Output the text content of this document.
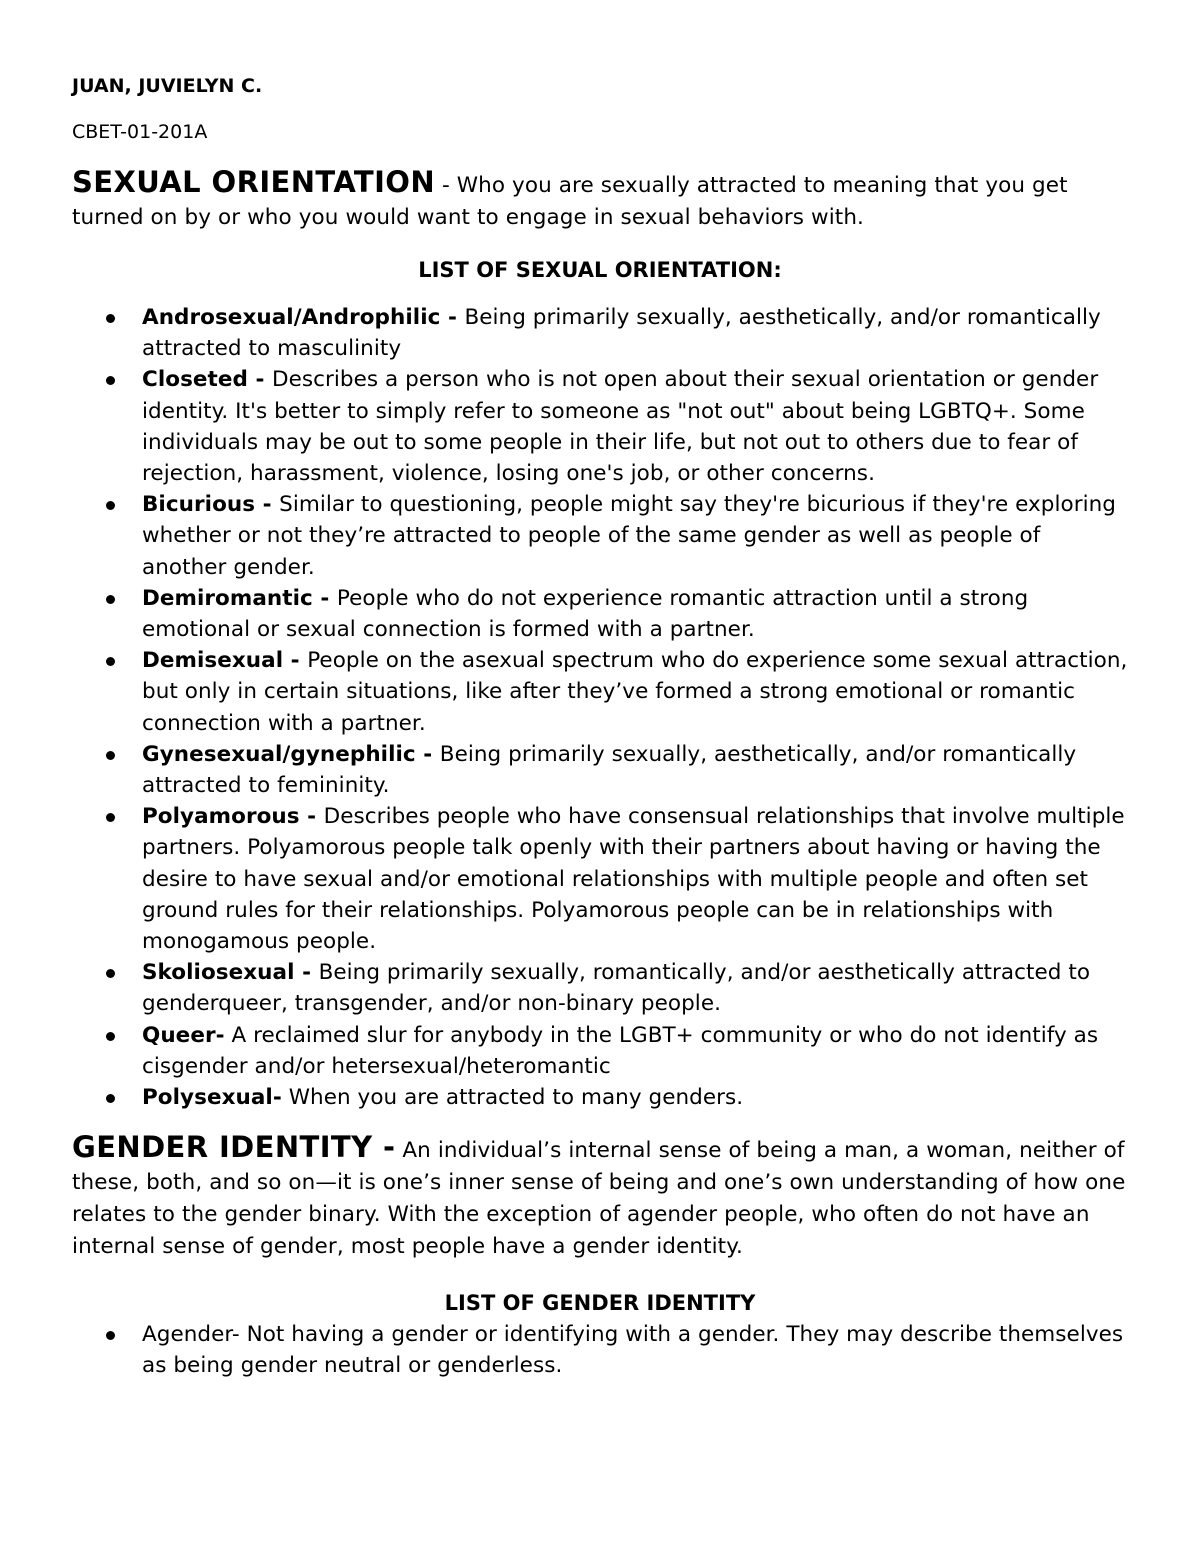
JUAN, JUVIELYN C.

CBET-01-201A

SEXUAL ORIENTATION - Who you are sexually attracted to meaning that you get turned on by or who you would want to engage in sexual behaviors with.

LIST OF SEXUAL ORIENTATION:

Androsexual/Androphilic - Being primarily sexually, aesthetically, and/or romantically attracted to masculinity
Closeted - Describes a person who is not open about their sexual orientation or gender identity. It's better to simply refer to someone as "not out" about being LGBTQ+. Some individuals may be out to some people in their life, but not out to others due to fear of rejection, harassment, violence, losing one's job, or other concerns.
Bicurious - Similar to questioning, people might say they're bicurious if they're exploring whether or not they’re attracted to people of the same gender as well as people of another gender.
Demiromantic - People who do not experience romantic attraction until a strong emotional or sexual connection is formed with a partner.
Demisexual - People on the asexual spectrum who do experience some sexual attraction, but only in certain situations, like after they’ve formed a strong emotional or romantic connection with a partner.
Gynesexual/gynephilic - Being primarily sexually, aesthetically, and/or romantically attracted to femininity.
Polyamorous - Describes people who have consensual relationships that involve multiple partners. Polyamorous people talk openly with their partners about having or having the desire to have sexual and/or emotional relationships with multiple people and often set ground rules for their relationships. Polyamorous people can be in relationships with monogamous people.
Skoliosexual - Being primarily sexually, romantically, and/or aesthetically attracted to genderqueer, transgender, and/or non-binary people.
Queer- A reclaimed slur for anybody in the LGBT+ community or who do not identify as cisgender and/or hetersexual/heteromantic
Polysexual- When you are attracted to many genders.

GENDER IDENTITY - An individual’s internal sense of being a man, a woman, neither of these, both, and so on—it is one’s inner sense of being and one’s own understanding of how one relates to the gender binary. With the exception of agender people, who often do not have an internal sense of gender, most people have a gender identity.

LIST OF GENDER IDENTITY

Agender- Not having a gender or identifying with a gender. They may describe themselves as being gender neutral or genderless.
